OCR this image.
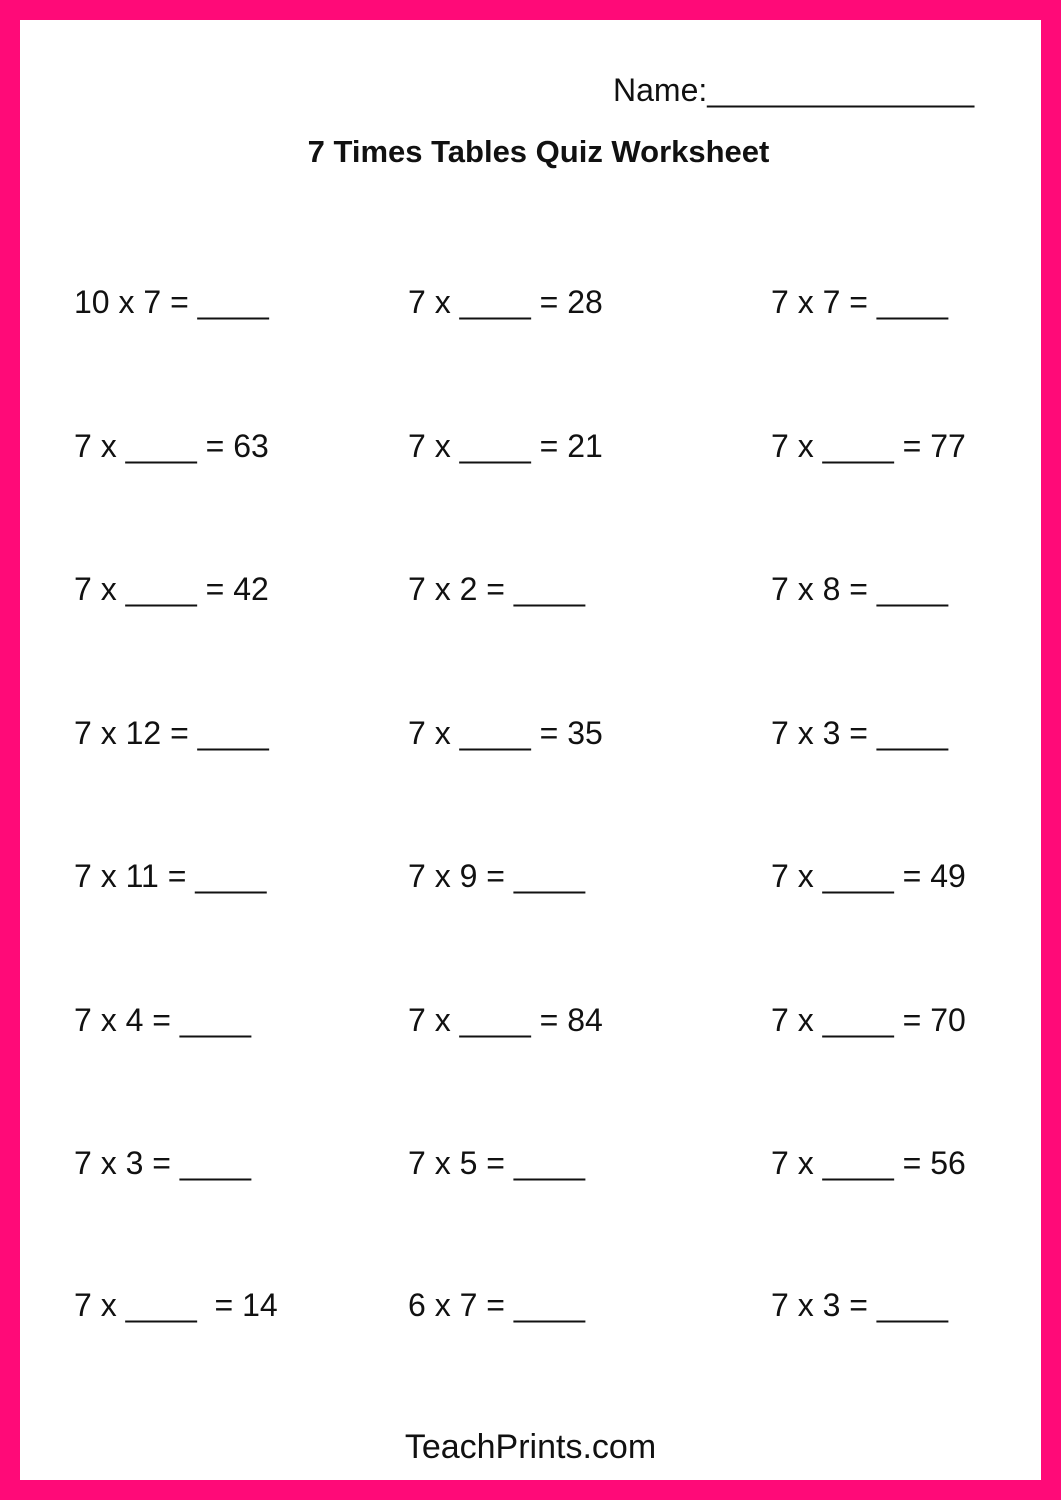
Name:_______________
7 Times Tables Quiz Worksheet
10 x 7 = ____	7 x ____ = 28	7 x 7 = ____
7 x ____ = 63	7 x ____ = 21	7 x ____ = 77
7 x ____ = 42	7 x 2 = ____	7 x 8 = ____
7 x 12 = ____	7 x ____ = 35	7 x 3 = ____
7 x 11 = ____	7 x 9 = ____	7 x ____ = 49
7 x 4 = ____	7 x ____ = 84	7 x ____ = 70
7 x 3 = ____	7 x 5 = ____	7 x ____ = 56
7 x ____  = 14	6 x 7 = ____	7 x 3 = ____
TeachPrints.com
